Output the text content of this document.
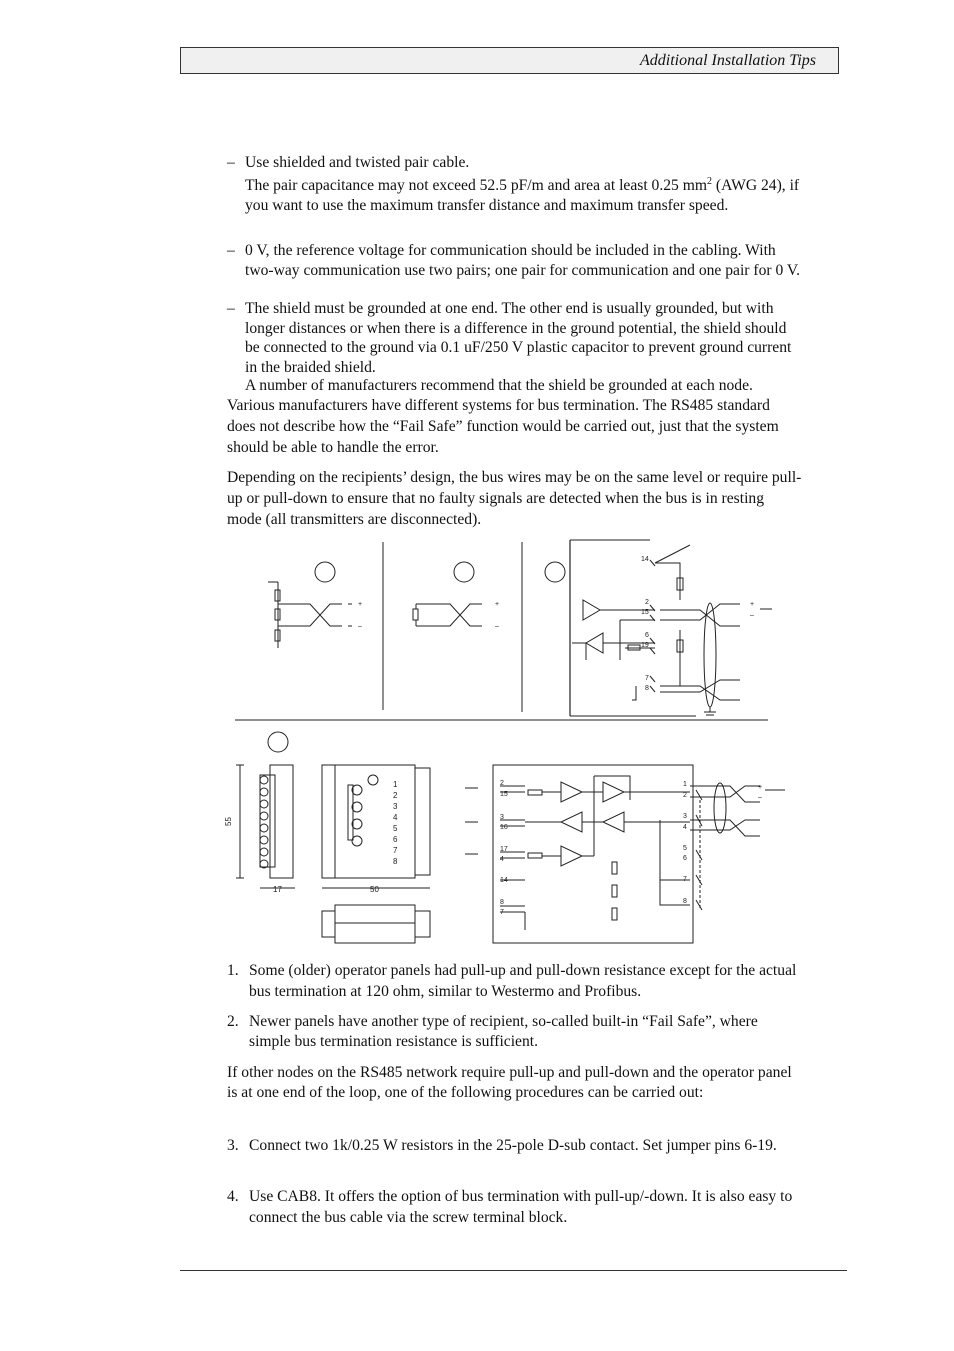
Additional Installation Tips
– Use shielded and twisted pair cable.
The pair capacitance may not exceed 52.5 pF/m and area at least 0.25 $mm^2$ (AWG 24), if you want to use the maximum transfer distance and maximum transfer speed.
– 0 V, the reference voltage for communication should be included in the cabling. With two-way communication use two pairs; one pair for communication and one pair for 0 V.
– The shield must be grounded at one end. The other end is usually grounded, but with longer distances or when there is a difference in the ground potential, the shield should be connected to the ground via 0.1 uF/250 V plastic capacitor to prevent ground current in the braided shield.
A number of manufacturers recommend that the shield be grounded at each node.
Various manufacturers have different systems for bus termination. The RS485 standard does not describe how the “Fail Safe” function would be carried out, just that the system should be able to handle the error.
Depending on the recipients’ design, the bus wires may be on the same level or require pull-up or pull-down to ensure that no faulty signals are detected when the bus is in resting mode (all transmitters are disconnected).
1. Some (older) operator panels had pull-up and pull-down resistance except for the actual bus termination at 120 ohm, similar to Westermo and Profibus.
2. Newer panels have another type of recipient, so-called built-in “Fail Safe”, where simple bus termination resistance is sufficient.
If other nodes on the RS485 network require pull-up and pull-down and the operator panel is at one end of the loop, one of the following procedures can be carried out:
3. Connect two 1k/0.25 W resistors in the 25-pole D-sub contact. Set jumper pins 6-19.
4. Use CAB8. It offers the option of bus termination with pull-up/-down. It is also easy to connect the bus cable via the screw terminal block.
+
–
+
–
14
2
15
6
19
7
8
+
–
55
17	50
1
2
3
4
5
6
7
8
2
15
3
16
17
4
14
8
7
1
2
3
4
5
6
7
8
+
–
